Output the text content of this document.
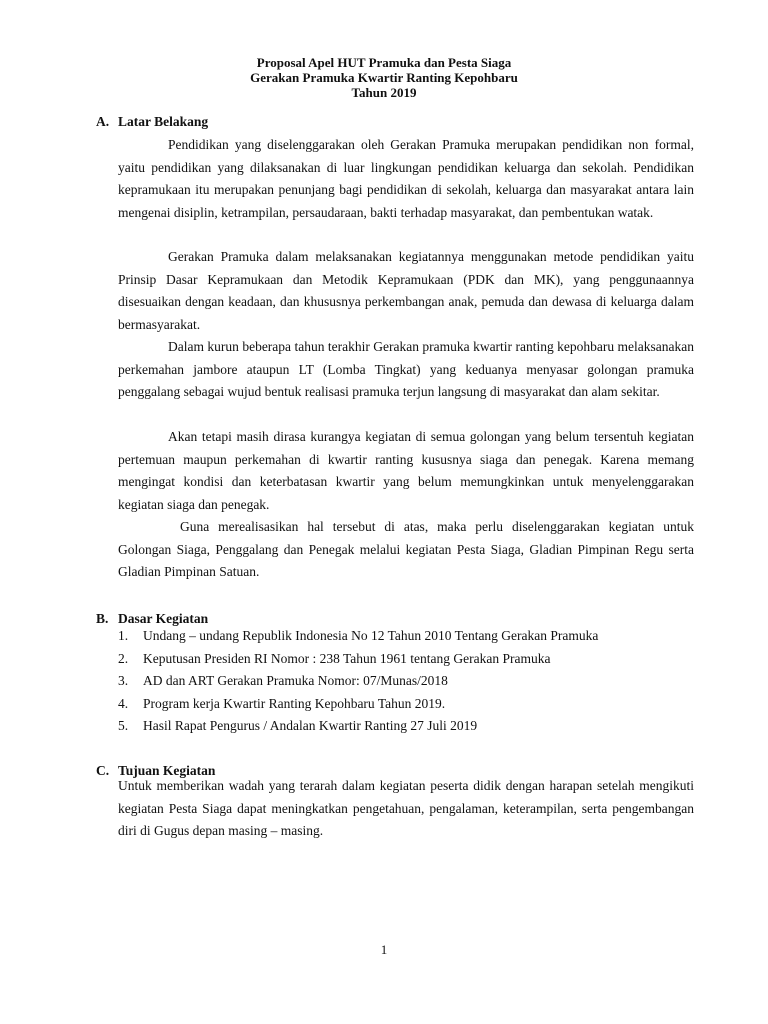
Proposal Apel HUT Pramuka dan Pesta Siaga
Gerakan Pramuka Kwartir Ranting Kepohbaru
Tahun 2019
A. Latar Belakang

Pendidikan yang diselenggarakan oleh Gerakan Pramuka merupakan pendidikan non formal, yaitu pendidikan yang dilaksanakan di luar lingkungan pendidikan keluarga dan sekolah. Pendidikan kepramukaan itu merupakan penunjang bagi pendidikan di sekolah, keluarga dan masyarakat antara lain mengenai disiplin, ketrampilan, persaudaraan, bakti terhadap masyarakat, dan pembentukan watak.

Gerakan Pramuka dalam melaksanakan kegiatannya menggunakan metode pendidikan yaitu Prinsip Dasar Kepramukaan dan Metodik Kepramukaan (PDK dan MK), yang penggunaannya disesuaikan dengan keadaan, dan khususnya perkembangan anak, pemuda dan dewasa di keluarga dalam bermasyarakat.

Dalam kurun beberapa tahun terakhir Gerakan pramuka kwartir ranting kepohbaru melaksanakan perkemahan jambore ataupun LT (Lomba Tingkat) yang keduanya menyasar golongan pramuka penggalang sebagai wujud bentuk realisasi pramuka terjun langsung di masyarakat dan alam sekitar.

Akan tetapi masih dirasa kurangya kegiatan di semua golongan yang belum tersentuh kegiatan pertemuan maupun perkemahan di kwartir ranting kususnya siaga dan penegak. Karena memang mengingat kondisi dan keterbatasan kwartir yang belum memungkinkan untuk menyelenggarakan kegiatan siaga dan penegak.

Guna merealisasikan hal tersebut di atas, maka perlu diselenggarakan kegiatan untuk Golongan Siaga, Penggalang dan Penegak melalui kegiatan Pesta Siaga, Gladian Pimpinan Regu serta Gladian Pimpinan Satuan.

B. Dasar Kegiatan
1. Undang – undang Republik Indonesia No 12 Tahun 2010 Tentang Gerakan Pramuka
2. Keputusan Presiden RI Nomor : 238 Tahun 1961 tentang Gerakan Pramuka
3. AD dan ART Gerakan Pramuka Nomor: 07/Munas/2018
4. Program kerja Kwartir Ranting Kepohbaru Tahun 2019.
5. Hasil Rapat Pengurus / Andalan Kwartir Ranting 27 Juli 2019
C. Tujuan Kegiatan

Untuk memberikan wadah yang terarah dalam kegiatan peserta didik dengan harapan setelah mengikuti kegiatan Pesta Siaga dapat meningkatkan pengetahuan, pengalaman, keterampilan, serta pengembangan diri di Gugus depan masing – masing.

1
